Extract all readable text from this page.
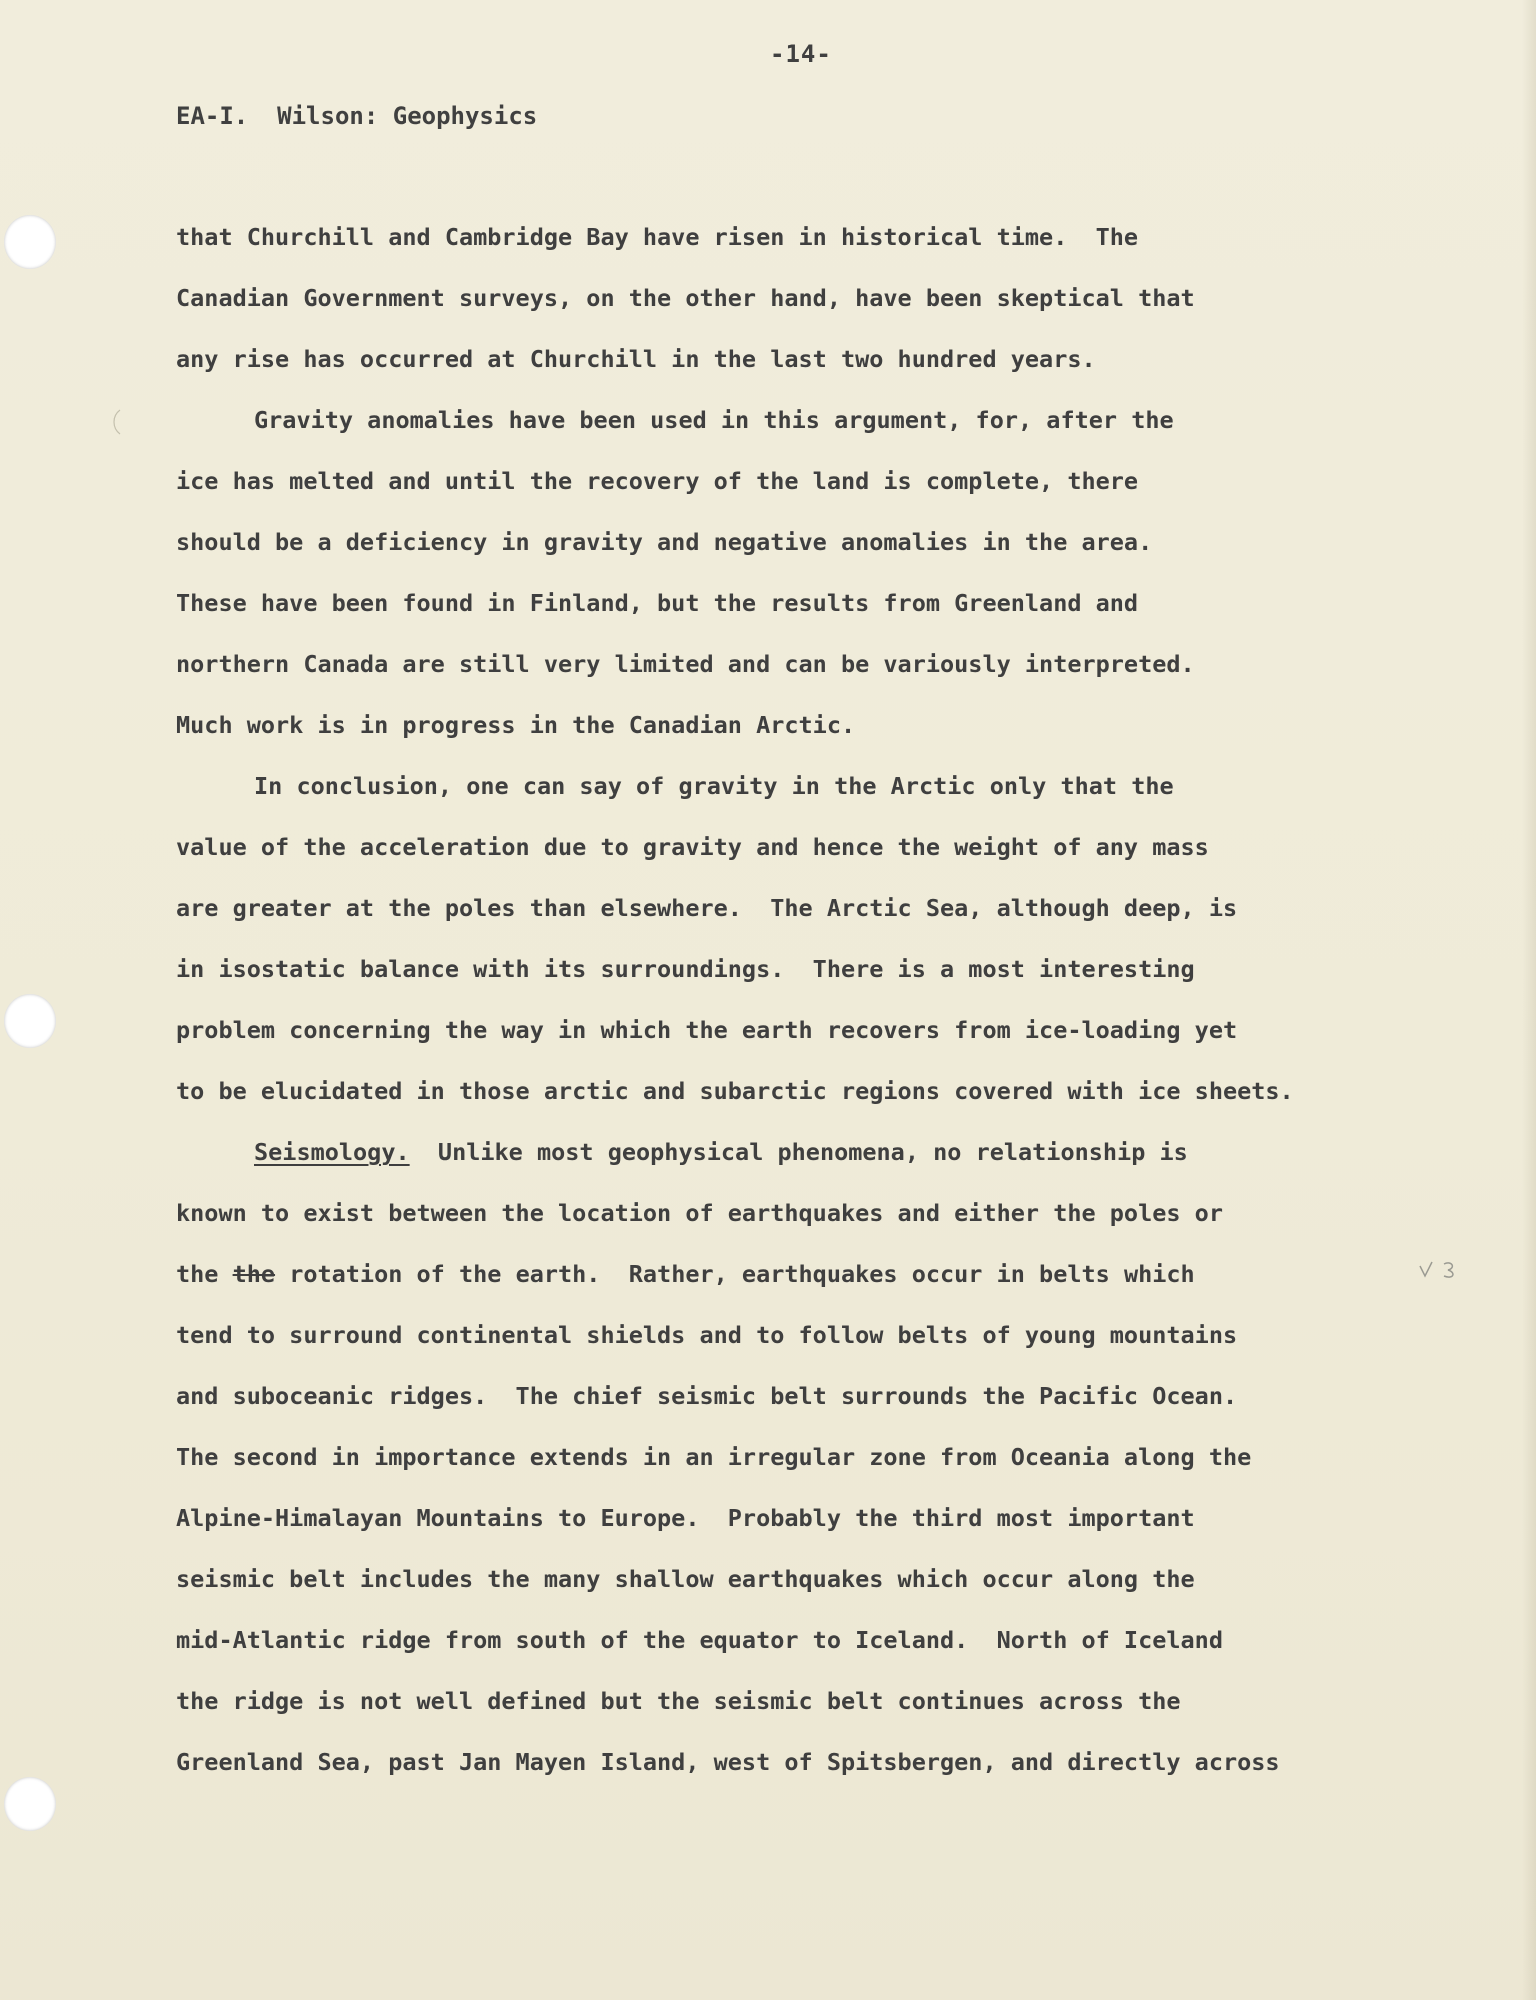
-14-
EA-I.  Wilson: Geophysics
that Churchill and Cambridge Bay have risen in historical time.  The
Canadian Government surveys, on the other hand, have been skeptical that
any rise has occurred at Churchill in the last two hundred years.
Gravity anomalies have been used in this argument, for, after the
ice has melted and until the recovery of the land is complete, there
should be a deficiency in gravity and negative anomalies in the area.
These have been found in Finland, but the results from Greenland and
northern Canada are still very limited and can be variously interpreted.
Much work is in progress in the Canadian Arctic.
In conclusion, one can say of gravity in the Arctic only that the
value of the acceleration due to gravity and hence the weight of any mass
are greater at the poles than elsewhere.  The Arctic Sea, although deep, is
in isostatic balance with its surroundings.  There is a most interesting
problem concerning the way in which the earth recovers from ice-loading yet
to be elucidated in those arctic and subarctic regions covered with ice sheets.
Seismology.  Unlike most geophysical phenomena, no relationship is
known to exist between the location of earthquakes and either the poles or
the the rotation of the earth.  Rather, earthquakes occur in belts which
tend to surround continental shields and to follow belts of young mountains
and suboceanic ridges.  The chief seismic belt surrounds the Pacific Ocean.
The second in importance extends in an irregular zone from Oceania along the
Alpine-Himalayan Mountains to Europe.  Probably the third most important
seismic belt includes the many shallow earthquakes which occur along the
mid-Atlantic ridge from south of the equator to Iceland.  North of Iceland
the ridge is not well defined but the seismic belt continues across the
Greenland Sea, past Jan Mayen Island, west of Spitsbergen, and directly across
